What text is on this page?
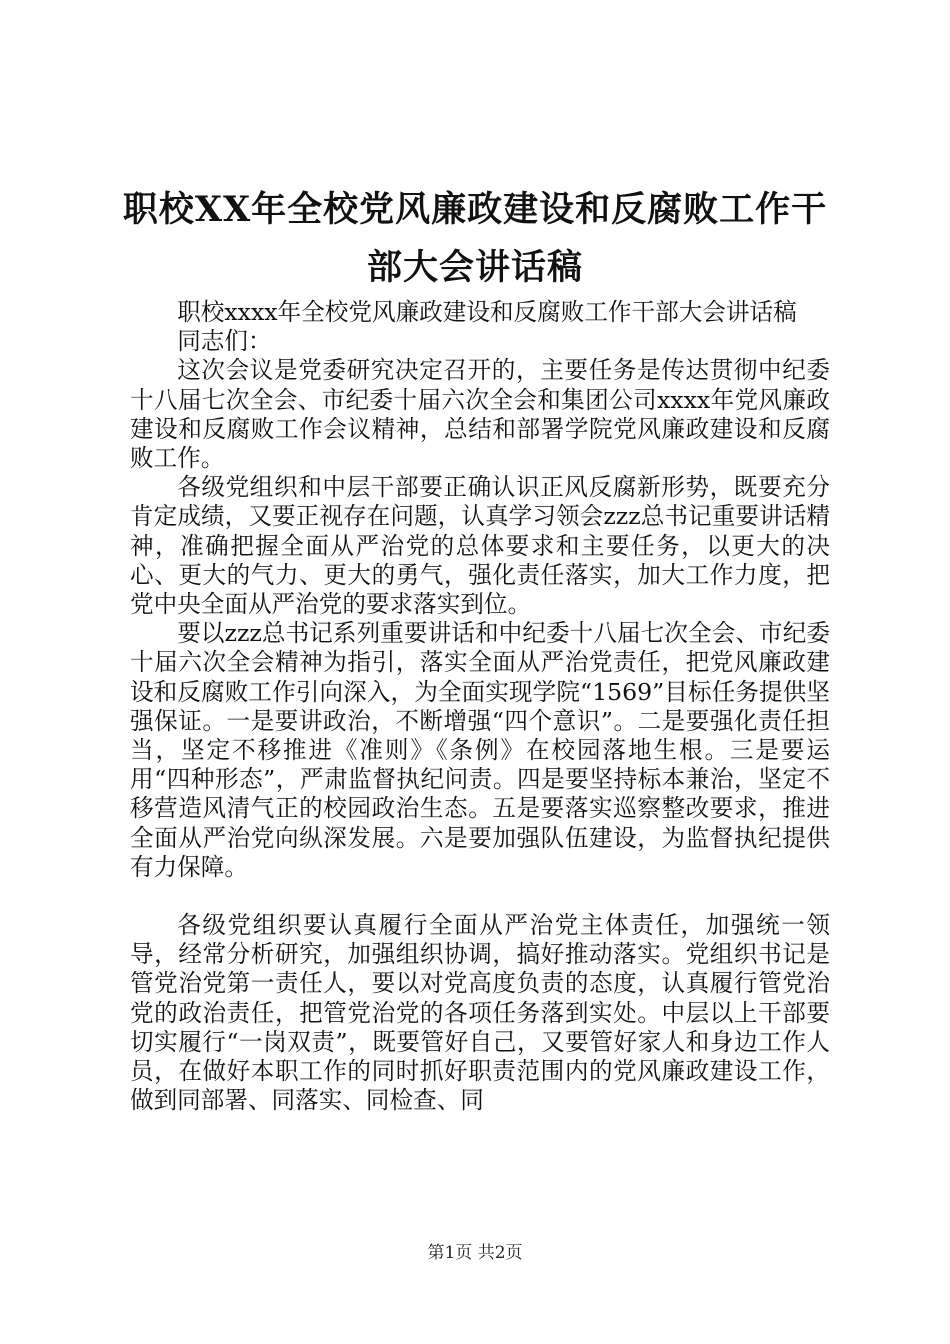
职校XX年全校党风廉政建设和反腐败工作干
部大会讲话稿

职校xxxx年全校党风廉政建设和反腐败工作干部大会讲话稿

同志们：

这次会议是党委研究决定召开的，主要任务是传达贯彻中纪委十八届七次全会、市纪委十届六次全会和集团公司xxxx年党风廉政建设和反腐败工作会议精神，总结和部署学院党风廉政建设和反腐败工作。

各级党组织和中层干部要正确认识正风反腐新形势，既要充分肯定成绩，又要正视存在问题，认真学习领会zzz总书记重要讲话精神，准确把握全面从严治党的总体要求和主要任务，以更大的决心、更大的气力、更大的勇气，强化责任落实，加大工作力度，把党中央全面从严治党的要求落实到位。

要以zzz总书记系列重要讲话和中纪委十八届七次全会、市纪委十届六次全会精神为指引，落实全面从严治党责任，把党风廉政建设和反腐败工作引向深入，为全面实现学院“1569”目标任务提供坚强保证。一是要讲政治，不断增强“四个意识”。二是要强化责任担当，坚定不移推进《准则》《条例》在校园落地生根。三是要运用“四种形态”，严肃监督执纪问责。四是要坚持标本兼治，坚定不移营造风清气正的校园政治生态。五是要落实巡察整改要求，推进全面从严治党向纵深发展。六是要加强队伍建设，为监督执纪提供有力保障。

各级党组织要认真履行全面从严治党主体责任，加强统一领导，经常分析研究，加强组织协调，搞好推动落实。党组织书记是管党治党第一责任人，要以对党高度负责的态度，认真履行管党治党的政治责任，把管党治党的各项任务落到实处。中层以上干部要切实履行“一岗双责”，既要管好自己，又要管好家人和身边工作人员，在做好本职工作的同时抓好职责范围内的党风廉政建设工作，做到同部署、同落实、同检查、同

第1页 共2页
